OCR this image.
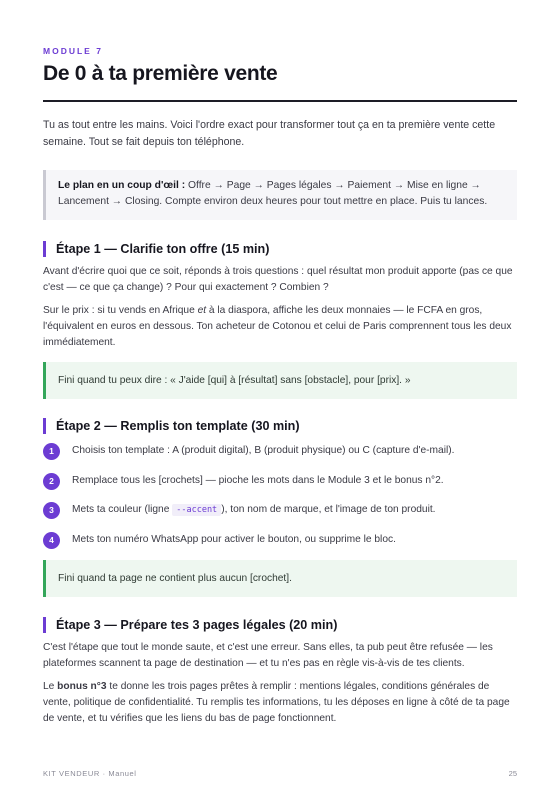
MODULE 7
De 0 à ta première vente

Tu as tout entre les mains. Voici l'ordre exact pour transformer tout ça en ta première vente cette semaine. Tout se fait depuis ton téléphone.

Le plan en un coup d'œil : Offre → Page → Pages légales → Paiement → Mise en ligne → Lancement → Closing. Compte environ deux heures pour tout mettre en place. Puis tu lances.
Étape 1 — Clarifie ton offre (15 min)

Avant d'écrire quoi que ce soit, réponds à trois questions : quel résultat mon produit apporte (pas ce que c'est — ce que ça change) ? Pour qui exactement ? Combien ?

Sur le prix : si tu vends en Afrique et à la diaspora, affiche les deux monnaies — le FCFA en gros, l'équivalent en euros en dessous. Ton acheteur de Cotonou et celui de Paris comprennent tous les deux immédiatement.

Fini quand tu peux dire : « J'aide [qui] à [résultat] sans [obstacle], pour [prix]. »
Étape 2 — Remplis ton template (30 min)
1	Choisis ton template : A (produit digital), B (produit physique) ou C (capture d'e-mail).
2	Remplace tous les [crochets] — pioche les mots dans le Module 3 et le bonus n°2.
3	Mets ta couleur (ligne --accent ), ton nom de marque, et l'image de ton produit.
4	Mets ton numéro WhatsApp pour activer le bouton, ou supprime le bloc.
Fini quand ta page ne contient plus aucun [crochet].
Étape 3 — Prépare tes 3 pages légales (20 min)

C'est l'étape que tout le monde saute, et c'est une erreur. Sans elles, ta pub peut être refusée — les plateformes scannent ta page de destination — et tu n'es pas en règle vis-à-vis de tes clients.

Le bonus n°3 te donne les trois pages prêtes à remplir : mentions légales, conditions générales de vente, politique de confidentialité. Tu remplis tes informations, tu les déposes en ligne à côté de ta page de vente, et tu vérifies que les liens du bas de page fonctionnent.

KIT VENDEUR · Manuel	25
